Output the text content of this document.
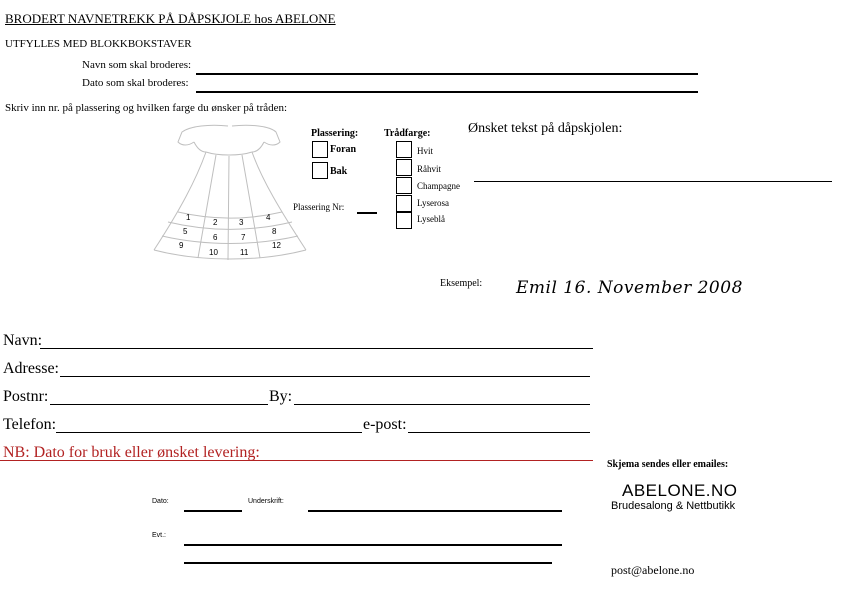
BRODERT NAVNETREKK PÅ DÅPSKJOLE hos ABELONE
UTFYLLES MED BLOKKBOKSTAVER
Navn som skal broderes:
Dato som skal broderes:
Skriv inn nr. på plassering og hvilken farge du ønsker på tråden:
1
2	3
4
5
6	7
8
9
10	11
12
Plassering:
Foran
Bak
Plassering Nr:
Trådfarge:
Hvit
Råhvit
Champagne
Lyserosa
Lyseblå
Ønsket tekst på dåpskjolen:
Eksempel: Emil 16. November 2008
Navn:
Adresse:
Postnr:	By:
Telefon:	e-post:
NB: Dato for bruk eller ønsket levering:
Dato:	Underskrift:
Evt.:
Skjema sendes eller emailes:
ABELONE.NO
Brudesalong & Nettbutikk
post@abelone.no
